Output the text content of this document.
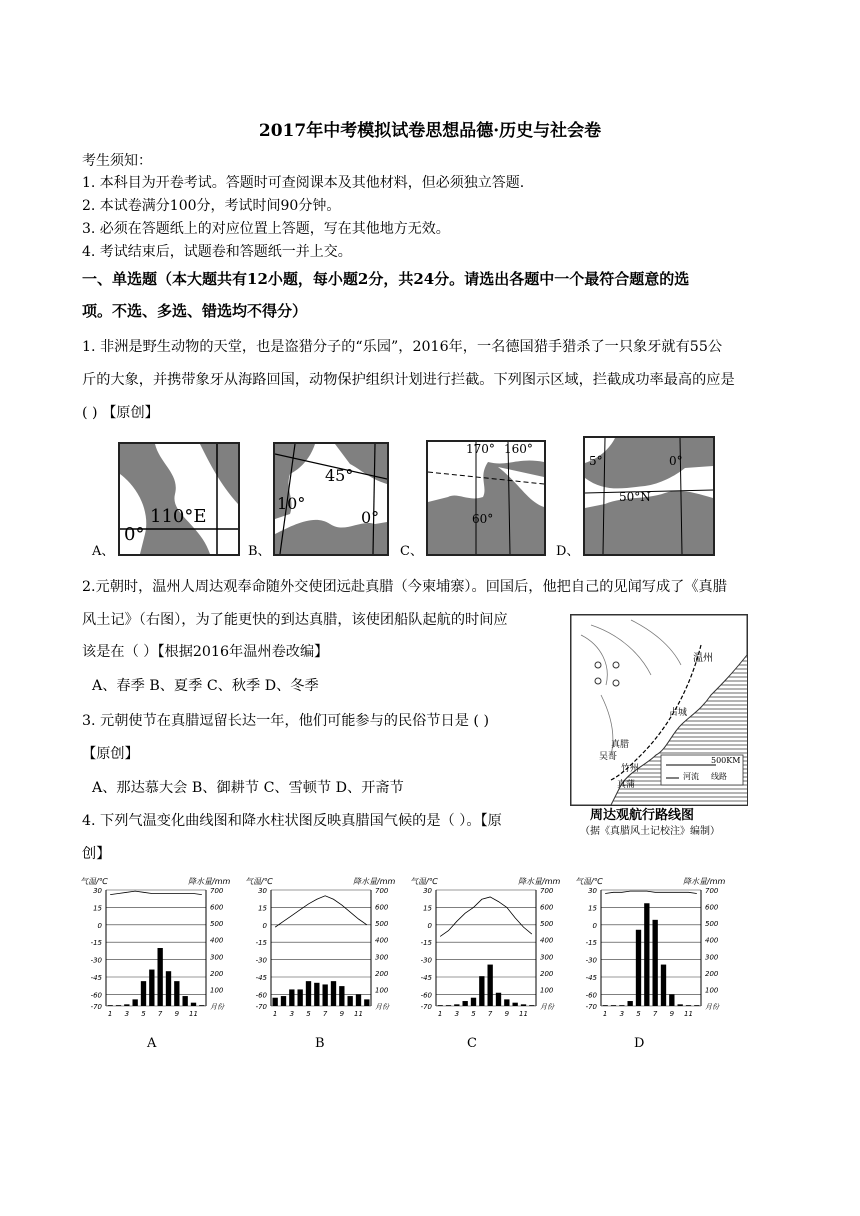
2017年中考模拟试卷思想品德·历史与社会卷
考生须知：
1. 本科目为开卷考试。答题时可查阅课本及其他材料，但必须独立答题.
2. 本试卷满分100分，考试时间90分钟。
3. 必须在答题纸上的对应位置上答题，写在其他地方无效。
4. 考试结束后，试题卷和答题纸一并上交。
一、单选题（本大题共有12小题，每小题2分，共24分。请选出各题中一个最符合题意的选
项。不选、多选、错选均不得分）
1. 非洲是野生动物的天堂，也是盗猎分子的“乐园”，2016年，一名德国猎手猎杀了一只象牙就有55公
斤的大象，并携带象牙从海路回国，动物保护组织计划进行拦截。下列图示区域，拦截成功率最高的应是
( ) 【原创】
A、
110°E
0°
B、
45°
10°
0°
C、
170° 160°
60°
D、
5°	0°
50°N
2.元朝时，温州人周达观奉命随外交使团远赴真腊（今柬埔寨）。回国后，他把自己的见闻写成了《真腊
风土记》（右图），为了能更快的到达真腊，该使团船队起航的时间应
该是在（ ）【根据2016年温州卷改编】
A、春季 B、夏季 C、秋季 D、冬季
温州
占城
真腊
吴哥
竹州
真蒲
500KM
河流 线路
周达观航行路线图
（据《真腊风土记校注》编制）
3. 元朝使节在真腊逗留长达一年，他们可能参与的民俗节日是 ( )
【原创】
A、那达慕大会 B、御耕节 C、雪顿节 D、开斋节
4. 下列气温变化曲线图和降水柱状图反映真腊国气候的是（ ）。【原
创】
气温/℃	降水量/mm
30
15
0
-15
-30
-45
-60
-70
700
600
500
400
300
200
100
1 3 5 7 9 11
月份
气温/℃	降水量/mm
30
15
0
-15
-30
-45
-60
-70
700
600
500
400
300
200
100
1 3 5 7 9 11
月份
气温/℃	降水量/mm
30
15
0
-15
-30
-45
-60
-70
700
600
500
400
300
200
100
1 3 5 7 9 11
月份
气温/℃	降水量/mm
30
15
0
-15
-30
-45
-60
-70
700
600
500
400
300
200
100
1 3 5 7 9 11
月份
A	B	C	D
